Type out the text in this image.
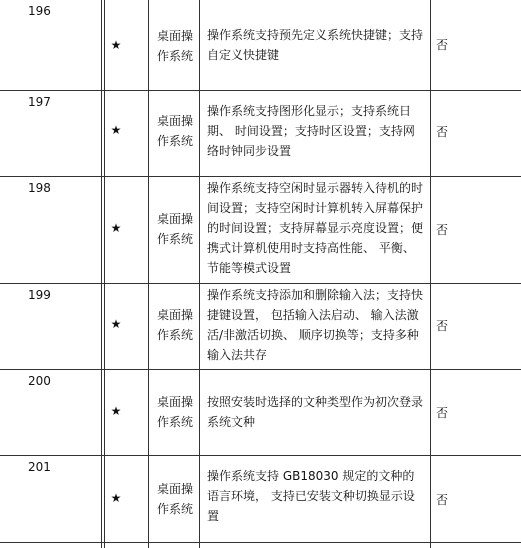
196
★
桌面操
作系统
操作系统支持预先定义系统快捷键；支持
自定义快捷键
否
197
★
桌面操
作系统
操作系统支持图形化显示；支持系统日
期、 时间设置；支持时区设置；支持网
络时钟同步设置
否
198
★
桌面操
作系统
操作系统支持空闲时显示器转入待机的时
间设置；支持空闲时计算机转入屏幕保护
的时间设置；支持屏幕显示亮度设置；便
携式计算机使用时支持高性能、 平衡、
节能等模式设置
否
199
★
桌面操
作系统
操作系统支持添加和删除输入法；支持快
捷键设置， 包括输入法启动、 输入法激
活/非激活切换、 顺序切换等；支持多种
输入法共存
否
200
★
桌面操
作系统
按照安装时选择的文种类型作为初次登录
系统文种
否
201
★
桌面操
作系统
操作系统支持 GB18030 规定的文种的
语言环境， 支持已安装文种切换显示设
置
否
